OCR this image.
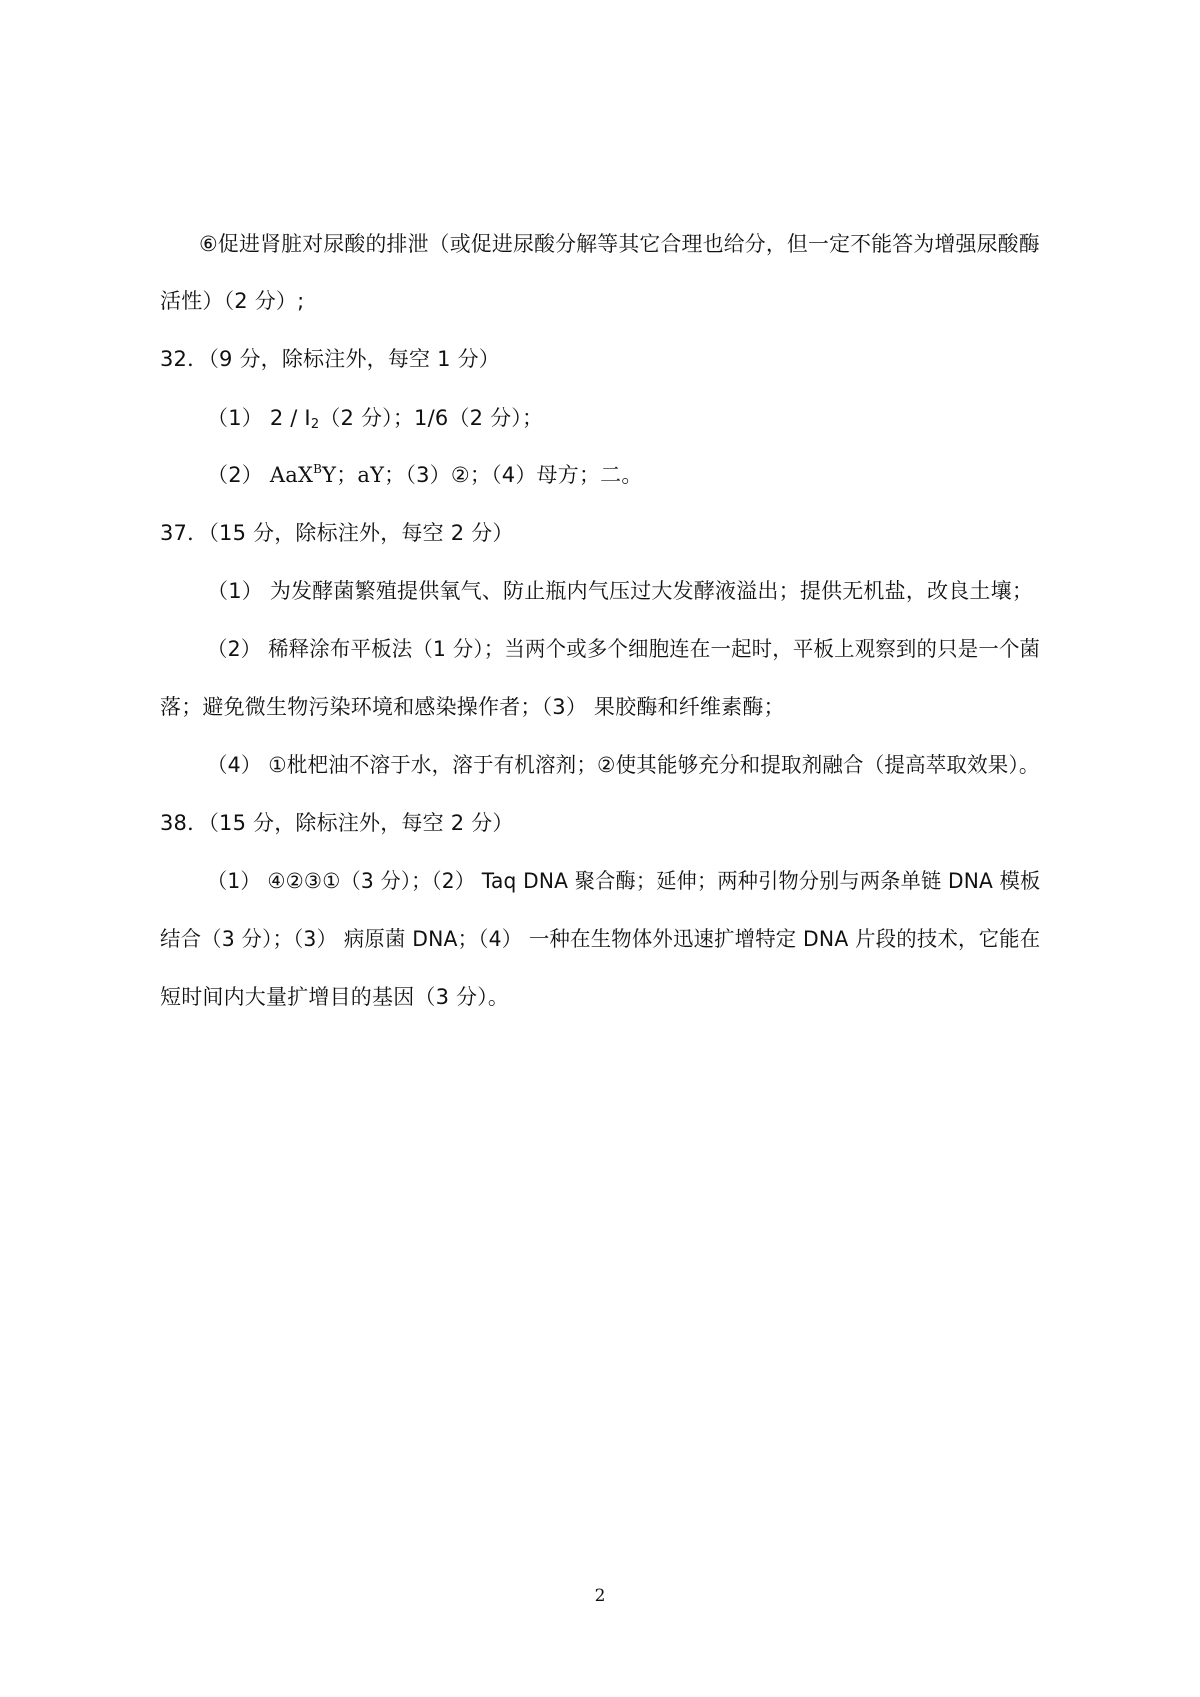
⑥促进肾脏对尿酸的排泄（或促进尿酸分解等其它合理也给分，但一定不能答为增强尿酸酶
活性）（2 分）;
32．（9 分，除标注外，每空 1 分）
（1） $2 / I_2(2$ 分）；1/6（2 分）；
（2） AaX$^B$Y；aY；（3）②；（4）母方；二。
37．（15 分，除标注外，每空 2 分）
（1） 为发酵菌繁殖提供氧气、防止瓶内气压过大发酵液溢出；提供无机盐，改良土壤；
（2） 稀释涂布平板法（1 分）；当两个或多个细胞连在一起时，平板上观察到的只是一个菌
落；避免微生物污染环境和感染操作者；（3） 果胶酶和纤维素酶；
（4） ①枇杷油不溶于水，溶于有机溶剂；②使其能够充分和提取剂融合（提高萃取效果）。
38．（15 分，除标注外，每空 2 分）
（1） ④②③①（3 分）；（2） Taq DNA 聚合酶；延伸；两种引物分别与两条单链 DNA 模板
结合（3 分）；（3） 病原菌 DNA；（4） 一种在生物体外迅速扩增特定 DNA 片段的技术，它能在
短时间内大量扩增目的基因（3 分）。
2
